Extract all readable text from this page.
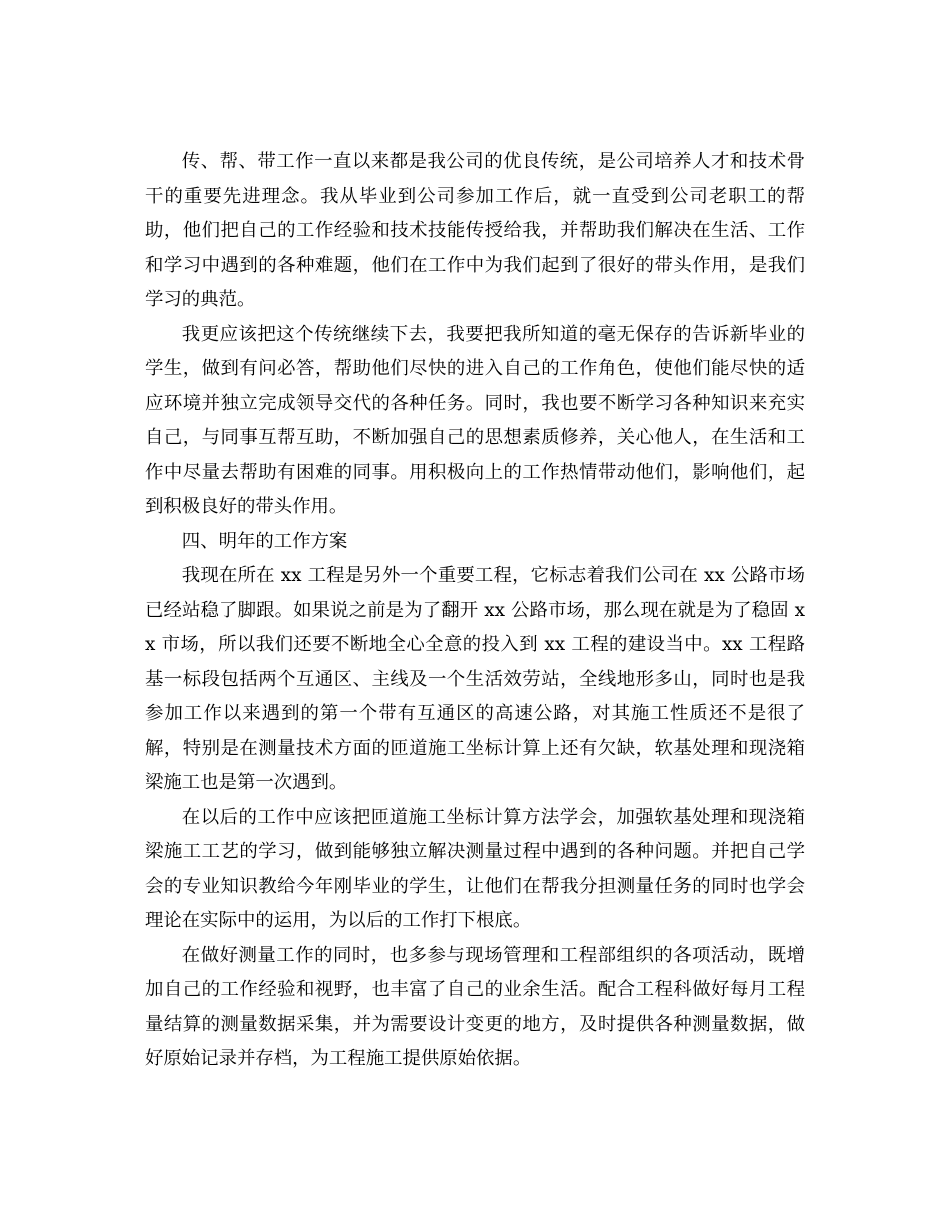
传、帮、带工作一直以来都是我公司的优良传统，是公司培养人才和技术骨干的重要先进理念。我从毕业到公司参加工作后，就一直受到公司老职工的帮助，他们把自己的工作经验和技术技能传授给我，并帮助我们解决在生活、工作和学习中遇到的各种难题，他们在工作中为我们起到了很好的带头作用，是我们学习的典范。

我更应该把这个传统继续下去，我要把我所知道的毫无保存的告诉新毕业的学生，做到有问必答，帮助他们尽快的进入自己的工作角色，使他们能尽快的适应环境并独立完成领导交代的各种任务。同时，我也要不断学习各种知识来充实自己，与同事互帮互助，不断加强自己的思想素质修养，关心他人，在生活和工作中尽量去帮助有困难的同事。用积极向上的工作热情带动他们，影响他们，起到积极良好的带头作用。

四、明年的工作方案

我现在所在 xx 工程是另外一个重要工程，它标志着我们公司在 xx 公路市场已经站稳了脚跟。如果说之前是为了翻开 xx 公路市场，那么现在就是为了稳固 xx 市场，所以我们还要不断地全心全意的投入到 xx 工程的建设当中。xx 工程路基一标段包括两个互通区、主线及一个生活效劳站，全线地形多山，同时也是我参加工作以来遇到的第一个带有互通区的高速公路，对其施工性质还不是很了解，特别是在测量技术方面的匝道施工坐标计算上还有欠缺，软基处理和现浇箱梁施工也是第一次遇到。

在以后的工作中应该把匝道施工坐标计算方法学会，加强软基处理和现浇箱梁施工工艺的学习，做到能够独立解决测量过程中遇到的各种问题。并把自己学会的专业知识教给今年刚毕业的学生，让他们在帮我分担测量任务的同时也学会理论在实际中的运用，为以后的工作打下根底。

在做好测量工作的同时，也多参与现场管理和工程部组织的各项活动，既增加自己的工作经验和视野，也丰富了自己的业余生活。配合工程科做好每月工程量结算的测量数据采集，并为需要设计变更的地方，及时提供各种测量数据，做好原始记录并存档，为工程施工提供原始依据。
